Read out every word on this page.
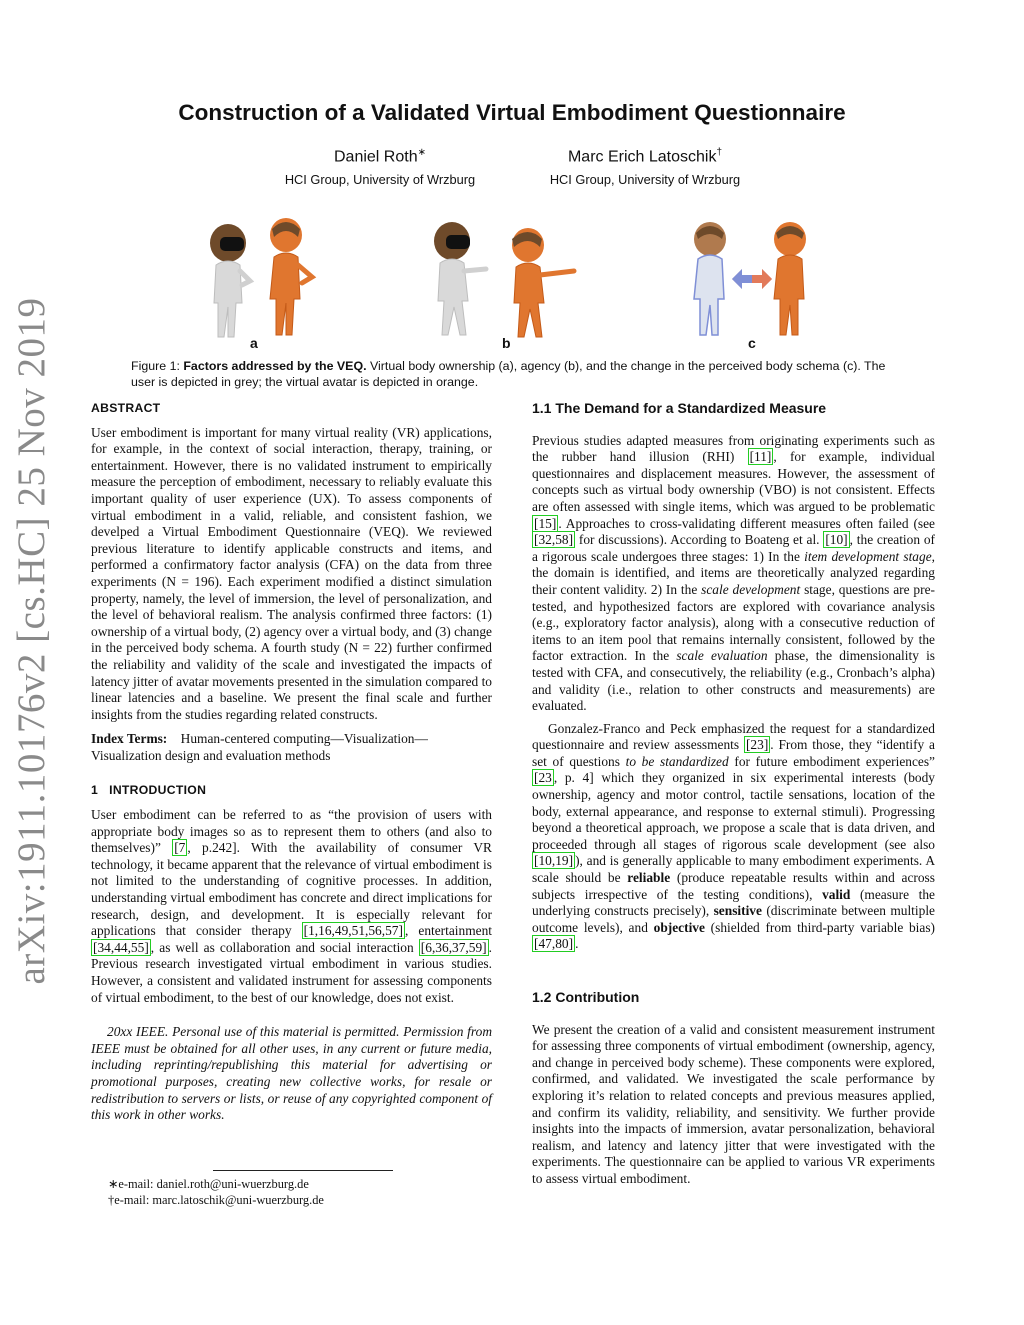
arXiv:1911.10176v2 [cs.HC] 25 Nov 2019
Construction of a Validated Virtual Embodiment Questionnaire
Daniel Roth∗
HCI Group, University of Wrzburg
Marc Erich Latoschik†
HCI Group, University of Wrzburg
a	b	c
Figure 1: Factors addressed by the VEQ. Virtual body ownership (a), agency (b), and the change in the perceived body schema (c). The user is depicted in grey; the virtual avatar is depicted in orange.
ABSTRACT

User embodiment is important for many virtual reality (VR) applications, for example, in the context of social interaction, therapy, training, or entertainment. However, there is no validated instrument to empirically measure the perception of embodiment, necessary to reliably evaluate this important quality of user experience (UX). To assess components of virtual embodiment in a valid, reliable, and consistent fashion, we develped a Virtual Embodiment Questionnaire (VEQ). We reviewed previous literature to identify applicable constructs and items, and performed a confirmatory factor analysis (CFA) on the data from three experiments (N = 196). Each experiment modified a distinct simulation property, namely, the level of immersion, the level of personalization, and the level of behavioral realism. The analysis confirmed three factors: (1) ownership of a virtual body, (2) agency over a virtual body, and (3) change in the perceived body schema. A fourth study (N = 22) further confirmed the reliability and validity of the scale and investigated the impacts of latency jitter of avatar movements presented in the simulation compared to linear latencies and a baseline. We present the final scale and further insights from the studies regarding related constructs.

Index Terms: Human-centered computing—Visualization—Visualization design and evaluation methods

1 INTRODUCTION

User embodiment can be referred to as “the provision of users with appropriate body images so as to represent them to others (and also to themselves)” [7 , p.242]. With the availability of consumer VR technology, it became apparent that the relevance of virtual embodiment is not limited to the understanding of cognitive processes. In addition, understanding virtual embodiment has concrete and direct implications for research, design, and development. It is especially relevant for applications that consider therapy [1,16,49,51,56,57] , entertainment [34,44,55] , as well as collaboration and social interaction [6,36,37,59] . Previous research investigated virtual embodiment in various studies. However, a consistent and validated instrument for assessing components of virtual embodiment, to the best of our knowledge, does not exist.

20xx IEEE. Personal use of this material is permitted. Permission from IEEE must be obtained for all other uses, in any current or future media, including reprinting/republishing this material for advertising or promotional purposes, creating new collective works, for resale or redistribution to servers or lists, or reuse of any copyrighted component of this work in other works.

∗e-mail: daniel.roth@uni-wuerzburg.de
†e-mail: marc.latoschik@uni-wuerzburg.de
1.1 The Demand for a Standardized Measure

Previous studies adapted measures from originating experiments such as the rubber hand illusion (RHI) [11] , for example, individual questionnaires and displacement measures. However, the assessment of concepts such as virtual body ownership (VBO) is not consistent. Effects are often assessed with single items, which was argued to be problematic [15] . Approaches to cross-validating different measures often failed (see [32,58] for discussions). According to Boateng et al. [10] , the creation of a rigorous scale undergoes three stages: 1) In the item development stage, the domain is identified, and items are theoretically analyzed regarding their content validity. 2) In the scale development stage, questions are pre-tested, and hypothesized factors are explored with covariance analysis (e.g., exploratory factor analysis), along with a consecutive reduction of items to an item pool that remains internally consistent, followed by the factor extraction. In the scale evaluation phase, the dimensionality is tested with CFA, and consecutively, the reliability (e.g., Cronbach’s alpha) and validity (i.e., relation to other constructs and measurements) are evaluated.

Gonzalez-Franco and Peck emphasized the request for a standardized questionnaire and review assessments [23] . From those, they “identify a set of questions to be standardized for future embodiment experiences” [23 , p. 4] which they organized in six experimental interests (body ownership, agency and motor control, tactile sensations, location of the body, external appearance, and response to external stimuli). Progressing beyond a theoretical approach, we propose a scale that is data driven, and proceeded through all stages of rigorous scale development (see also [10,19] ), and is generally applicable to many embodiment experiments. A scale should be reliable (produce repeatable results within and across subjects irrespective of the testing conditions), valid (measure the underlying constructs precisely), sensitive (discriminate between multiple outcome levels), and objective (shielded from third-party variable bias) [47,80] .

1.2 Contribution

We present the creation of a valid and consistent measurement instrument for assessing three components of virtual embodiment (ownership, agency, and change in perceived body scheme). These components were explored, confirmed, and validated. We investigated the scale performance by exploring it’s relation to related concepts and previous measures applied, and confirm its validity, reliability, and sensitivity. We further provide insights into the impacts of immersion, avatar personalization, behavioral realism, and latency and latency jitter that were investigated with the experiments. The questionnaire can be applied to various VR experiments to assess virtual embodiment.
